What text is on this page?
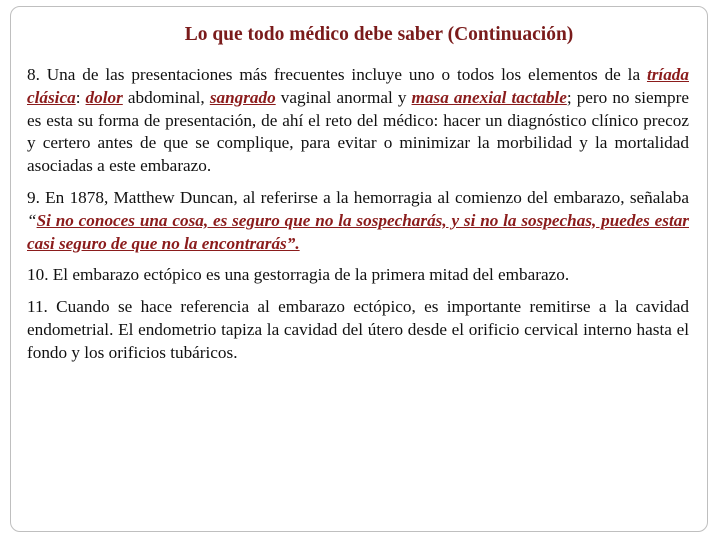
Lo que todo médico debe saber (Continuación)

8. Una de las presentaciones más frecuentes incluye uno o todos los elementos de la tríada clásica: dolor abdominal, sangrado vaginal anormal y masa anexial tactable; pero no siempre es esta su forma de presentación, de ahí el reto del médico: hacer un diagnóstico clínico precoz y certero antes de que se complique, para evitar o minimizar la morbilidad y la mortalidad asociadas a este embarazo.

9. En 1878, Matthew Duncan, al referirse a la hemorragia al comienzo del embarazo, señalaba “Si no conoces una cosa, es seguro que no la sospecharás, y si no la sospechas, puedes estar casi seguro de que no la encontrarás”.

10. El embarazo ectópico es una gestorragia de la primera mitad del embarazo.

11. Cuando se hace referencia al embarazo ectópico, es importante remitirse a la cavidad endometrial. El endometrio tapiza la cavidad del útero desde el orificio cervical interno hasta el fondo y los orificios tubáricos.
